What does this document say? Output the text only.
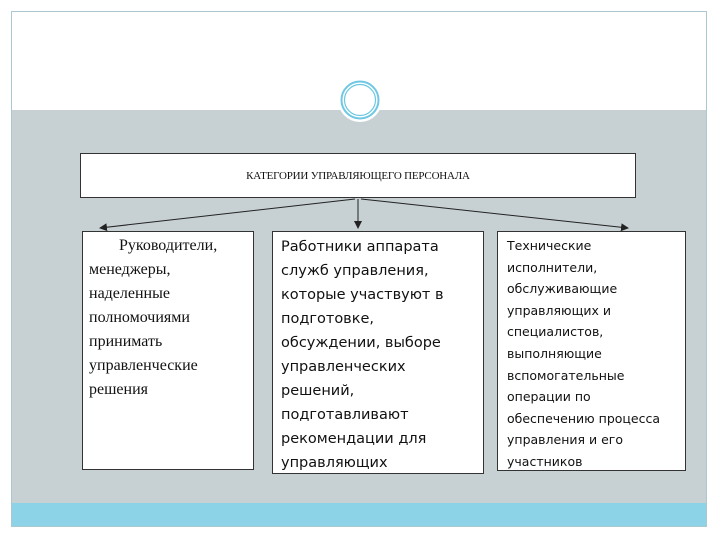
КАТЕГОРИИ УПРАВЛЯЮЩЕГО ПЕРСОНАЛА
Руководители, менеджеры, наделенные полномочиями принимать управленческие решения
Работники аппарата служб управления, которые участвуют в подготовке, обсуждении, выборе управленческих решений, подготавливают рекомендации для управляющих
Технические исполнители, обслуживающие управляющих и специалистов, выполняющие вспомогательные операции по обеспечению процесса управления и его участников
